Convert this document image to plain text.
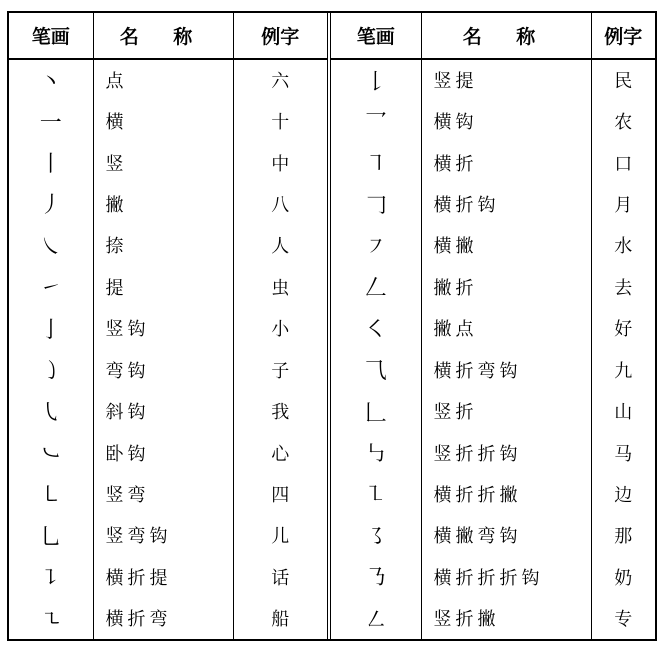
笔画	名 称	例字
丶	点	六
一	横	十
丨	竖	中
丿	撇	八
㇏	捺	人
㇀	提	虫
亅	竖钩	小
㇁	弯钩	子
㇂	斜钩	我
㇃	卧钩	心
㇄	竖弯	四
乚	竖弯钩	儿
㇊	横折提	话
㇍	横折弯	船
笔画	名 称	例字
𠄌	竖提	民
乛	横钩	农
㇕	横折	口
𠃌	横折钩	月
㇇	横撇	水
𠃋	撇折	去
㇛	撇点	好
⺄	横折弯钩	九
𠃊	竖折	山
㇉	竖折折钩	马
㇅	横折折撇	边
㇌	横撇弯钩	那
㇡	横折折折钩	奶
㇜	竖折撇	专
